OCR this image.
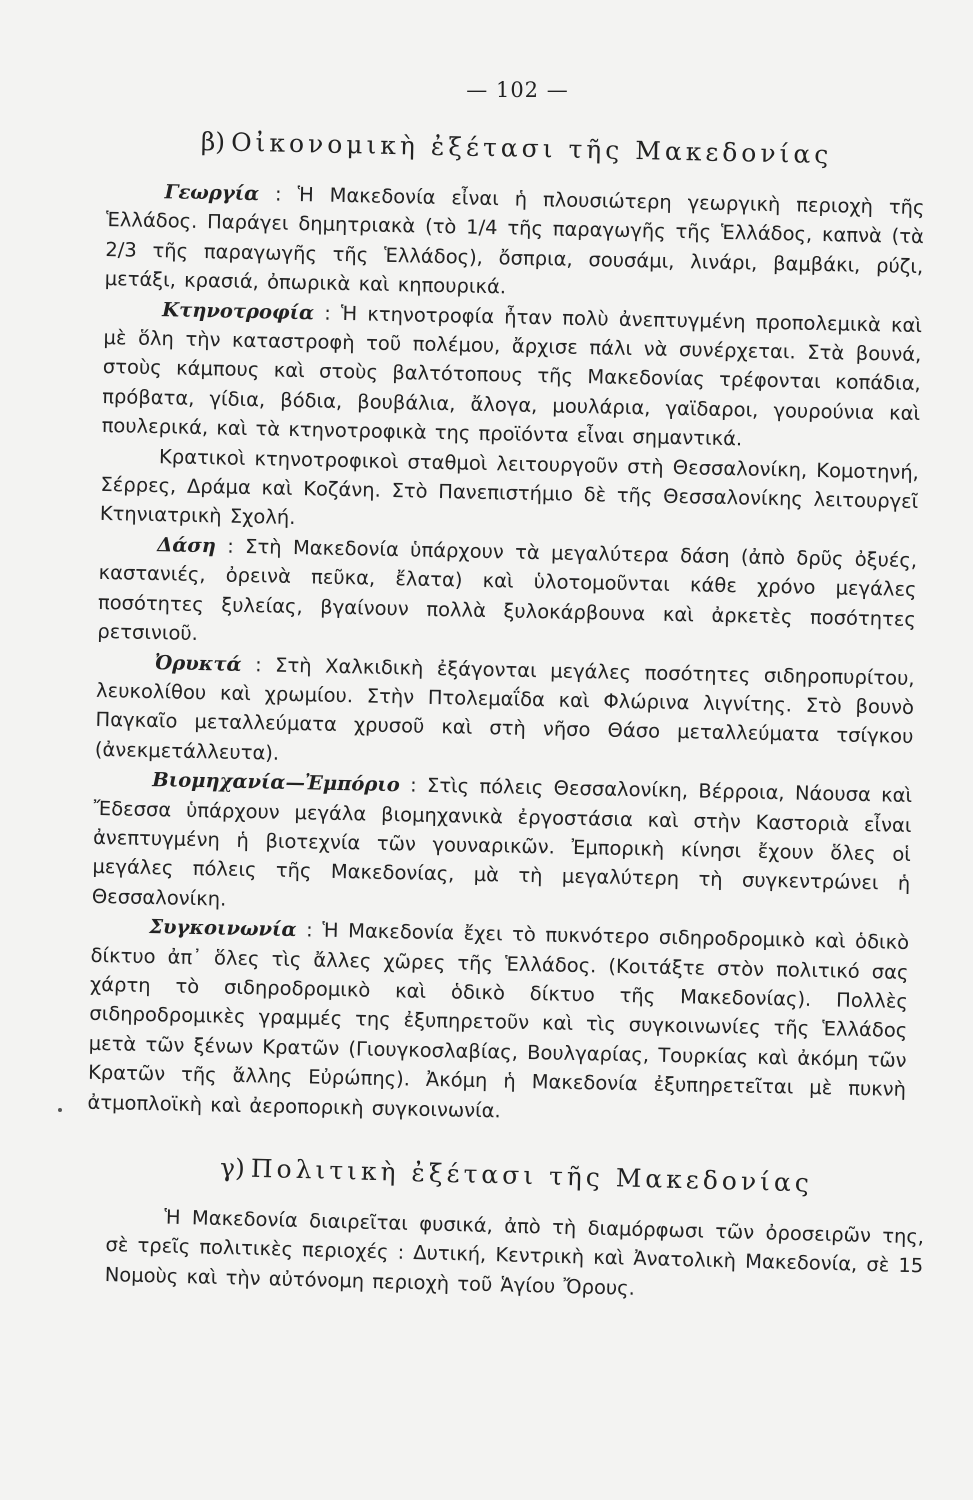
— 102 —
β) Οἰκονομικὴ ἐξέτασι τῆς Μακεδονίας

Γεωργία : Ἡ Μακεδονία εἶναι ἡ πλουσιώτερη γεωργικὴ περιοχὴ τῆς Ἑλλάδος. Παράγει δημητριακὰ (τὸ 1/4 τῆς παραγωγῆς τῆς Ἑλλάδος, καπνὰ (τὰ 2/3 τῆς παραγωγῆς τῆς Ἑλλάδος), ὄσπρια, σουσάμι, λινάρι, βαμβάκι, ρύζι, μετάξι, κρασιά, ὀπωρικὰ καὶ κηπουρικά.

Κτηνοτροφία : Ἡ κτηνοτροφία ἦταν πολὺ ἀνεπτυγμένη προπολεμικὰ καὶ μὲ ὅλη τὴν καταστροφὴ τοῦ πολέμου, ἄρχισε πάλι νὰ συνέρχεται. Στὰ βουνά, στοὺς κάμπους καὶ στοὺς βαλτότοπους τῆς Μακεδονίας τρέφονται κοπάδια, πρόβατα, γίδια, βόδια, βουβάλια, ἄλογα, μουλάρια, γαϊδαροι, γουρούνια καὶ πουλερικά, καὶ τὰ κτηνοτροφικὰ της προϊόντα εἶναι σημαντικά.

Κρατικοὶ κτηνοτροφικοὶ σταθμοὶ λειτουργοῦν στὴ Θεσσαλονίκη, Κομοτηνή, Σέρρες, Δράμα καὶ Κοζάνη. Στὸ Πανεπιστήμιο δὲ τῆς Θεσσαλονίκης λειτουργεῖ Κτηνιατρικὴ Σχολή.

Δάση : Στὴ Μακεδονία ὑπάρχουν τὰ μεγαλύτερα δάση (ἀπὸ δρῦς ὀξυές, καστανιές, ὀρεινὰ πεῦκα, ἔλατα) καὶ ὑλοτομοῦνται κάθε χρόνο μεγάλες ποσότητες ξυλείας, βγαίνουν πολλὰ ξυλοκάρβουνα καὶ ἀρκετὲς ποσότητες ρετσινιοῦ.

Ὀρυκτά : Στὴ Χαλκιδικὴ ἐξάγονται μεγάλες ποσότητες σιδηροπυρίτου, λευκολίθου καὶ χρωμίου. Στὴν Πτολεμαΐδα καὶ Φλώρινα λιγνίτης. Στὸ βουνὸ Παγκαῖο μεταλλεύματα χρυσοῦ καὶ στὴ νῆσο Θάσο μεταλλεύματα τσίγκου (ἀνεκμετάλλευτα).

Βιομηχανία—Ἐμπόριο : Στὶς πόλεις Θεσσαλονίκη, Βέρροια, Νάουσα καὶ Ἔδεσσα ὑπάρχουν μεγάλα βιομηχανικὰ ἐργοστάσια καὶ στὴν Καστοριὰ εἶναι ἀνεπτυγμένη ἡ βιοτεχνία τῶν γουναρικῶν. Ἐμπορικὴ κίνησι ἔχουν ὅλες οἱ μεγάλες πόλεις τῆς Μακεδονίας, μὰ τὴ μεγαλύτερη τὴ συγκεντρώνει ἡ Θεσσαλονίκη.

Συγκοινωνία : Ἡ Μακεδονία ἔχει τὸ πυκνότερο σιδηροδρομικὸ καὶ ὁδικὸ δίκτυο ἀπ᾽ ὅλες τὶς ἄλλες χῶρες τῆς Ἑλλάδος. (Κοιτάξτε στὸν πολιτικό σας χάρτη τὸ σιδηροδρομικὸ καὶ ὁδικὸ δίκτυο τῆς Μακεδονίας). Πολλὲς σιδηροδρομικὲς γραμμές της ἐξυπηρετοῦν καὶ τὶς συγκοινωνίες τῆς Ἑλλάδος μετὰ τῶν ξένων Κρατῶν (Γιουγκοσλαβίας, Βουλγαρίας, Τουρκίας καὶ ἀκόμη τῶν Κρατῶν τῆς ἄλλης Εὐρώπης). Ἀκόμη ἡ Μακεδονία ἐξυπηρετεῖται μὲ πυκνὴ ἀτμοπλοϊκὴ καὶ ἀεροπορικὴ συγκοινωνία.

γ) Πολιτικὴ ἐξέτασι τῆς Μακεδονίας

Ἡ Μακεδονία διαιρεῖται φυσικά, ἀπὸ τὴ διαμόρφωσι τῶν ὀροσειρῶν της, σὲ τρεῖς πολιτικὲς περιοχές : Δυτική, Κεντρικὴ καὶ Ἀνατολικὴ Μακεδονία, σὲ 15 Νομοὺς καὶ τὴν αὐτόνομη περιοχὴ τοῦ Ἁγίου Ὄρους.
